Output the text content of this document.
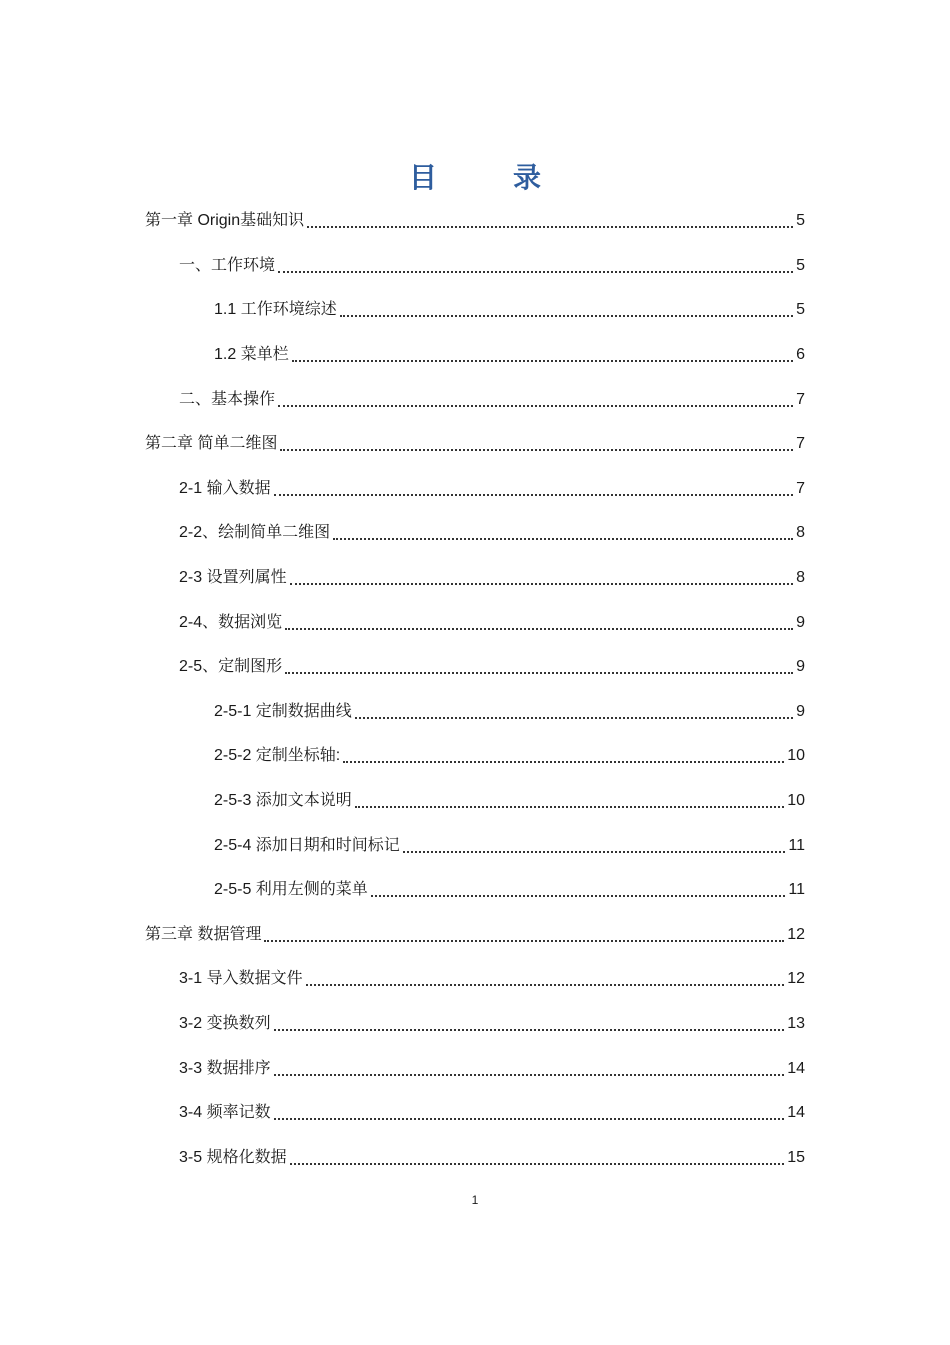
目　录
第一章 Origin基础知识	5
一、工作环境	5
1.1 工作环境综述	5
1.2 菜单栏	6
二、基本操作	7
第二章 简单二维图	7
2-1 输入数据	7
2-2、绘制简单二维图	8
2-3 设置列属性	8
2-4、数据浏览	9
2-5、定制图形	9
2-5-1 定制数据曲线	9
2-5-2 定制坐标轴:	10
2-5-3 添加文本说明	10
2-5-4 添加日期和时间标记	11
2-5-5 利用左侧的菜单	11
第三章 数据管理	12
3-1 导入数据文件	12
3-2 变换数列	13
3-3 数据排序	14
3-4 频率记数	14
3-5 规格化数据	15
1
